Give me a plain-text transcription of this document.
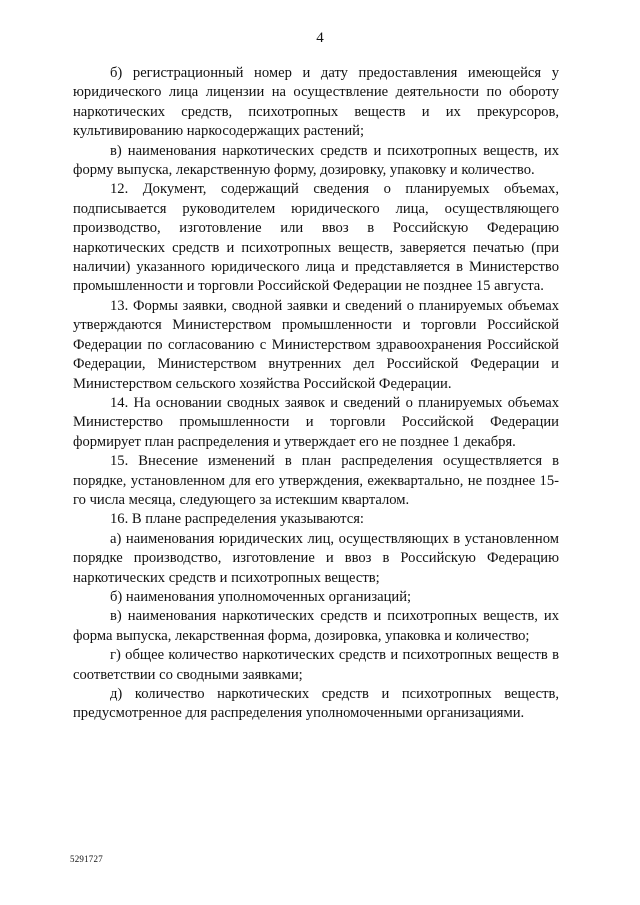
4

б) регистрационный номер и дату предоставления имеющейся у юридического лица лицензии на осуществление деятельности по обороту наркотических средств, психотропных веществ и их прекурсоров, культивированию наркосодержащих растений;

в) наименования наркотических средств и психотропных веществ, их форму выпуска, лекарственную форму, дозировку, упаковку и количество.

12. Документ, содержащий сведения о планируемых объемах, подписывается руководителем юридического лица, осуществляющего производство, изготовление или ввоз в Российскую Федерацию наркотических средств и психотропных веществ, заверяется печатью (при наличии) указанного юридического лица и представляется в Министерство промышленности и торговли Российской Федерации не позднее 15 августа.

13. Формы заявки, сводной заявки и сведений о планируемых объемах утверждаются Министерством промышленности и торговли Российской Федерации по согласованию с Министерством здравоохранения Российской Федерации, Министерством внутренних дел Российской Федерации и Министерством сельского хозяйства Российской Федерации.

14. На основании сводных заявок и сведений о планируемых объемах Министерство промышленности и торговли Российской Федерации формирует план распределения и утверждает его не позднее 1 декабря.

15. Внесение изменений в план распределения осуществляется в порядке, установленном для его утверждения, ежеквартально, не позднее 15-го числа месяца, следующего за истекшим кварталом.

16. В плане распределения указываются:

а) наименования юридических лиц, осуществляющих в установленном порядке производство, изготовление и ввоз в Российскую Федерацию наркотических средств и психотропных веществ;

б) наименования уполномоченных организаций;

в) наименования наркотических средств и психотропных веществ, их форма выпуска, лекарственная форма, дозировка, упаковка и количество;

г) общее количество наркотических средств и психотропных веществ в соответствии со сводными заявками;

д) количество наркотических средств и психотропных веществ, предусмотренное для распределения уполномоченными организациями.

5291727
